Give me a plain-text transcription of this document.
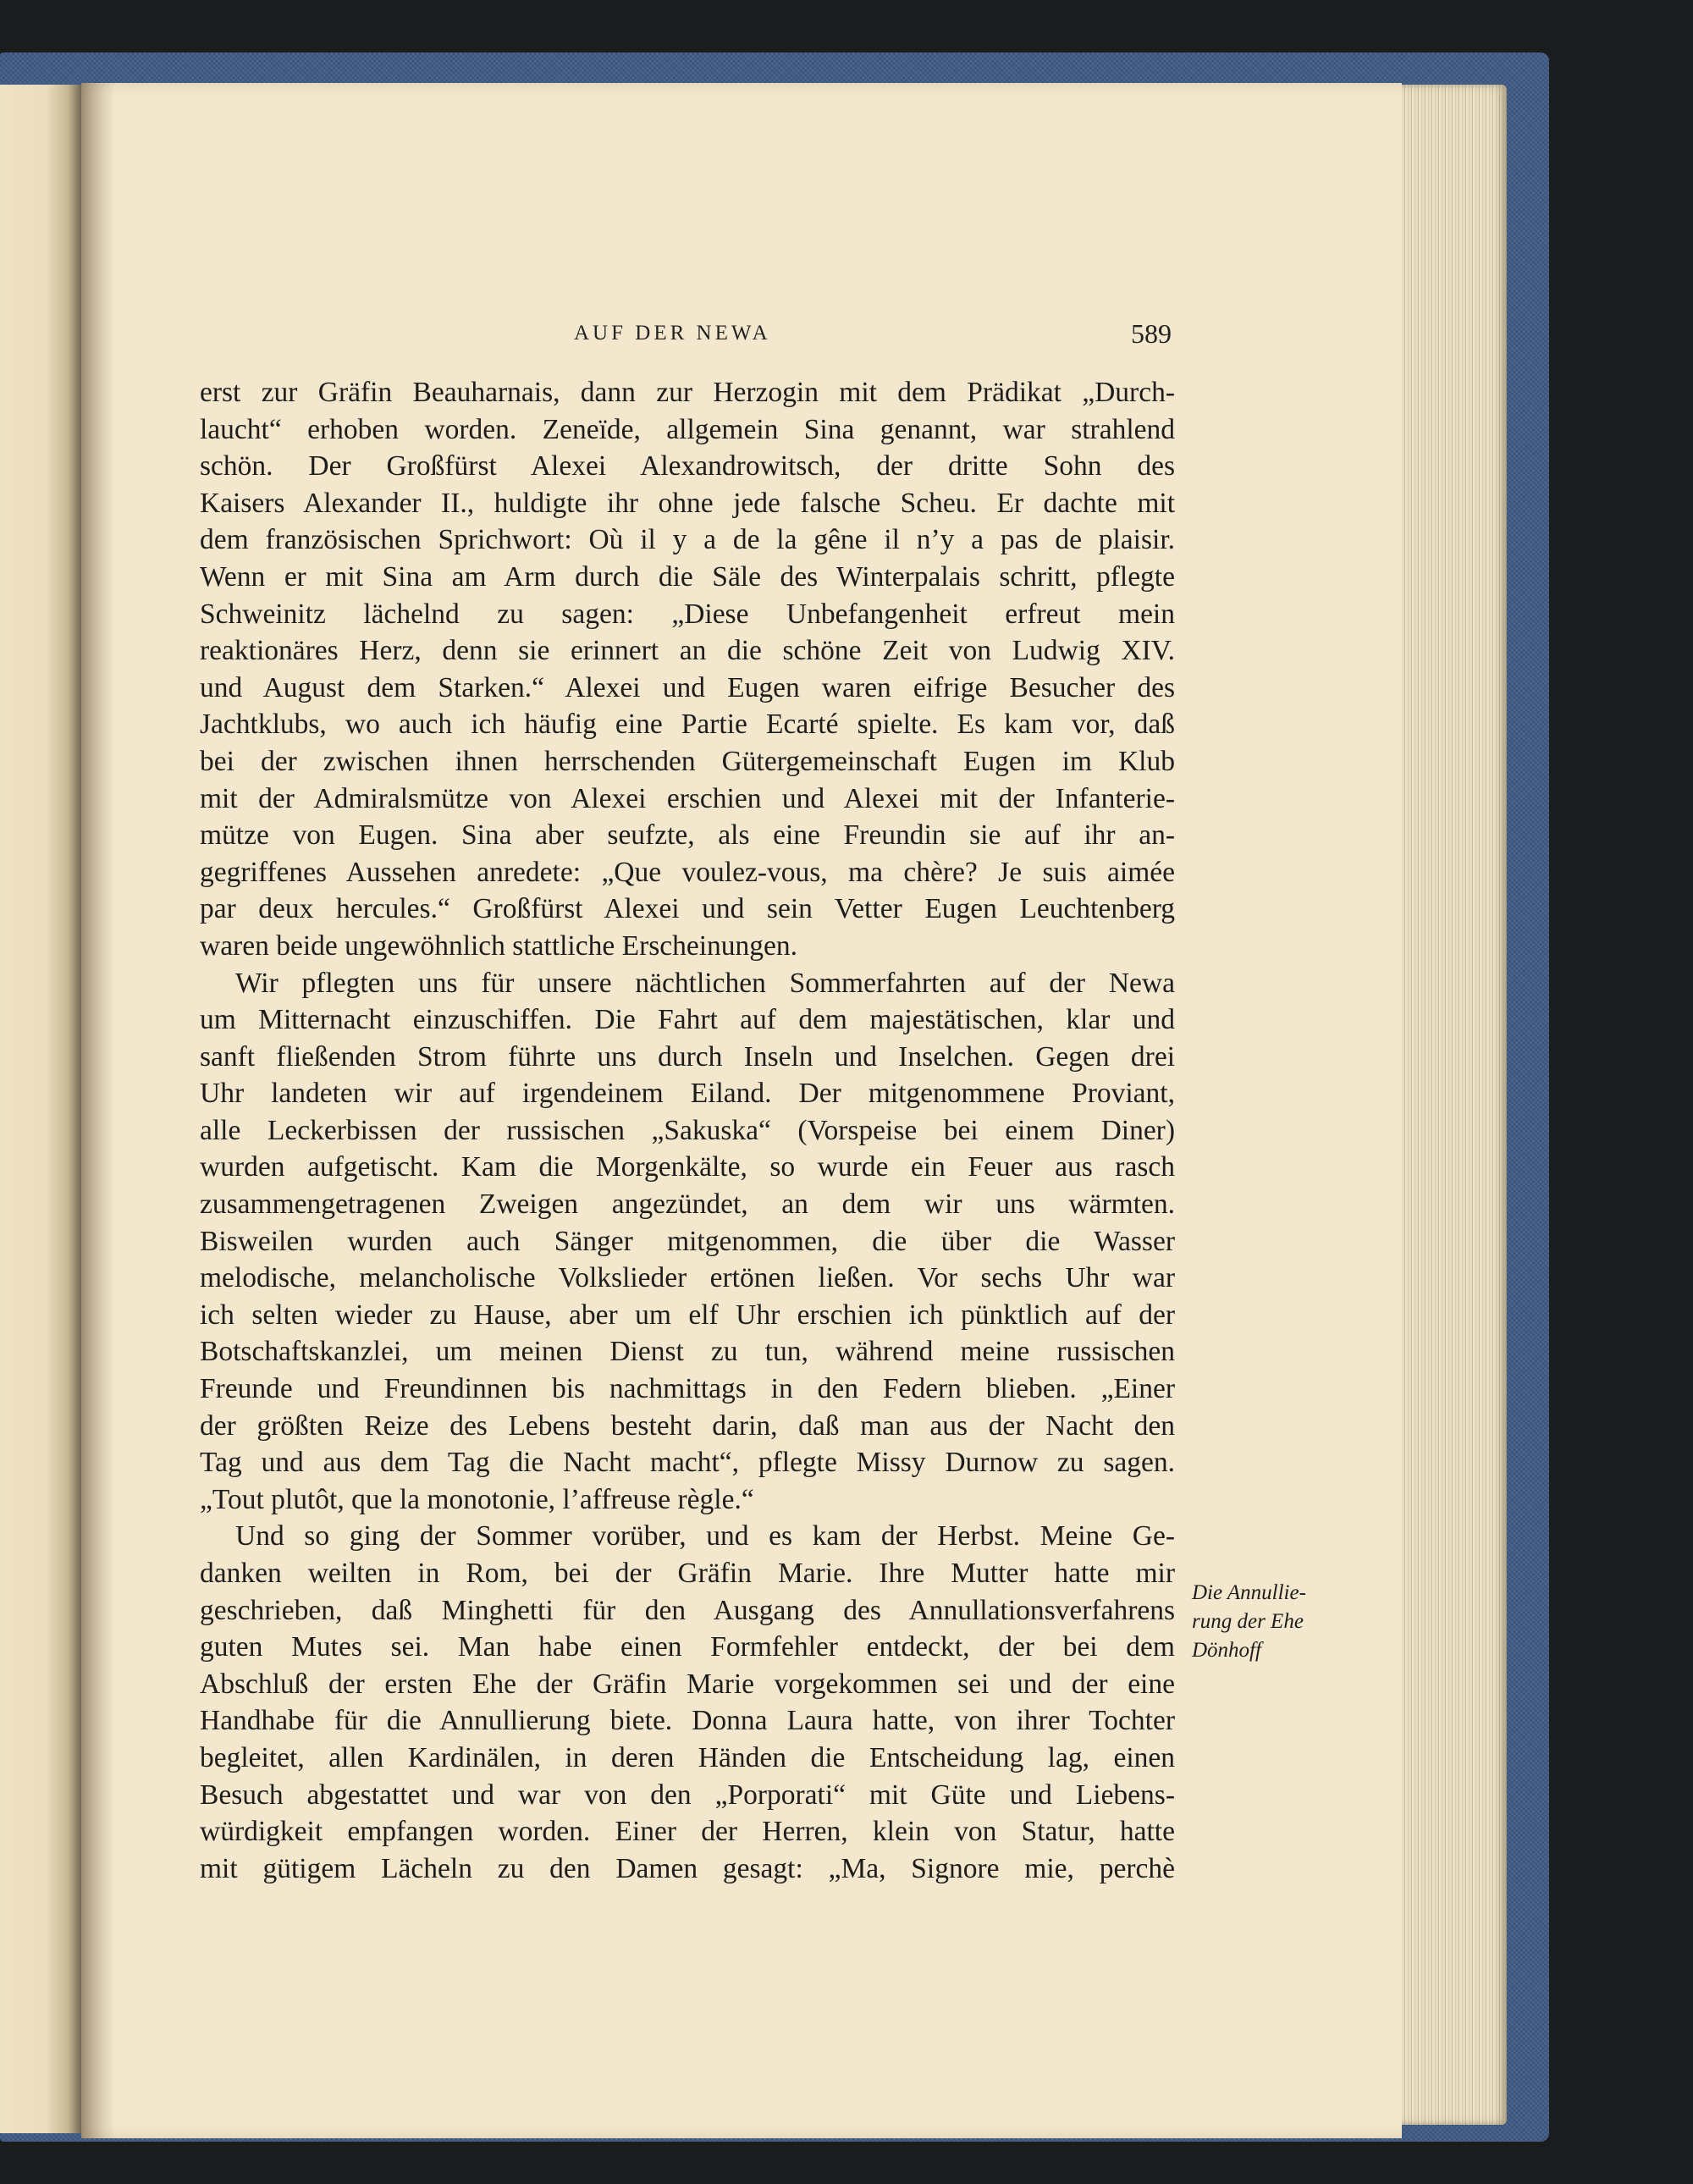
AUF DER NEWA	589
erst zur Gräfin Beauharnais, dann zur Herzogin mit dem Prädikat „Durch-
laucht“ erhoben worden. Zeneïde, allgemein Sina genannt, war strahlend
schön. Der Großfürst Alexei Alexandrowitsch, der dritte Sohn des
Kaisers Alexander II., huldigte ihr ohne jede falsche Scheu. Er dachte mit
dem französischen Sprichwort: Où il y a de la gêne il n’y a pas de plaisir.
Wenn er mit Sina am Arm durch die Säle des Winterpalais schritt, pflegte
Schweinitz lächelnd zu sagen: „Diese Unbefangenheit erfreut mein
reaktionäres Herz, denn sie erinnert an die schöne Zeit von Ludwig XIV.
und August dem Starken.“ Alexei und Eugen waren eifrige Besucher des
Jachtklubs, wo auch ich häufig eine Partie Ecarté spielte. Es kam vor, daß
bei der zwischen ihnen herrschenden Gütergemeinschaft Eugen im Klub
mit der Admiralsmütze von Alexei erschien und Alexei mit der Infanterie-
mütze von Eugen. Sina aber seufzte, als eine Freundin sie auf ihr an-
gegriffenes Aussehen anredete: „Que voulez-vous, ma chère? Je suis aimée
par deux hercules.“ Großfürst Alexei und sein Vetter Eugen Leuchtenberg
waren beide ungewöhnlich stattliche Erscheinungen.
Wir pflegten uns für unsere nächtlichen Sommerfahrten auf der Newa
um Mitternacht einzuschiffen. Die Fahrt auf dem majestätischen, klar und
sanft fließenden Strom führte uns durch Inseln und Inselchen. Gegen drei
Uhr landeten wir auf irgendeinem Eiland. Der mitgenommene Proviant,
alle Leckerbissen der russischen „Sakuska“ (Vorspeise bei einem Diner)
wurden aufgetischt. Kam die Morgenkälte, so wurde ein Feuer aus rasch
zusammengetragenen Zweigen angezündet, an dem wir uns wärmten.
Bisweilen wurden auch Sänger mitgenommen, die über die Wasser
melodische, melancholische Volkslieder ertönen ließen. Vor sechs Uhr war
ich selten wieder zu Hause, aber um elf Uhr erschien ich pünktlich auf der
Botschaftskanzlei, um meinen Dienst zu tun, während meine russischen
Freunde und Freundinnen bis nachmittags in den Federn blieben. „Einer
der größten Reize des Lebens besteht darin, daß man aus der Nacht den
Tag und aus dem Tag die Nacht macht“, pflegte Missy Durnow zu sagen.
„Tout plutôt, que la monotonie, l’affreuse règle.“
Und so ging der Sommer vorüber, und es kam der Herbst. Meine Ge-
danken weilten in Rom, bei der Gräfin Marie. Ihre Mutter hatte mir
geschrieben, daß Minghetti für den Ausgang des Annullationsverfahrens
guten Mutes sei. Man habe einen Formfehler entdeckt, der bei dem
Abschluß der ersten Ehe der Gräfin Marie vorgekommen sei und der eine
Handhabe für die Annullierung biete. Donna Laura hatte, von ihrer Tochter
begleitet, allen Kardinälen, in deren Händen die Entscheidung lag, einen
Besuch abgestattet und war von den „Porporati“ mit Güte und Liebens-
würdigkeit empfangen worden. Einer der Herren, klein von Statur, hatte
mit gütigem Lächeln zu den Damen gesagt: „Ma, Signore mie, perchè
Die Annullie-
rung der Ehe
Dönhoff
